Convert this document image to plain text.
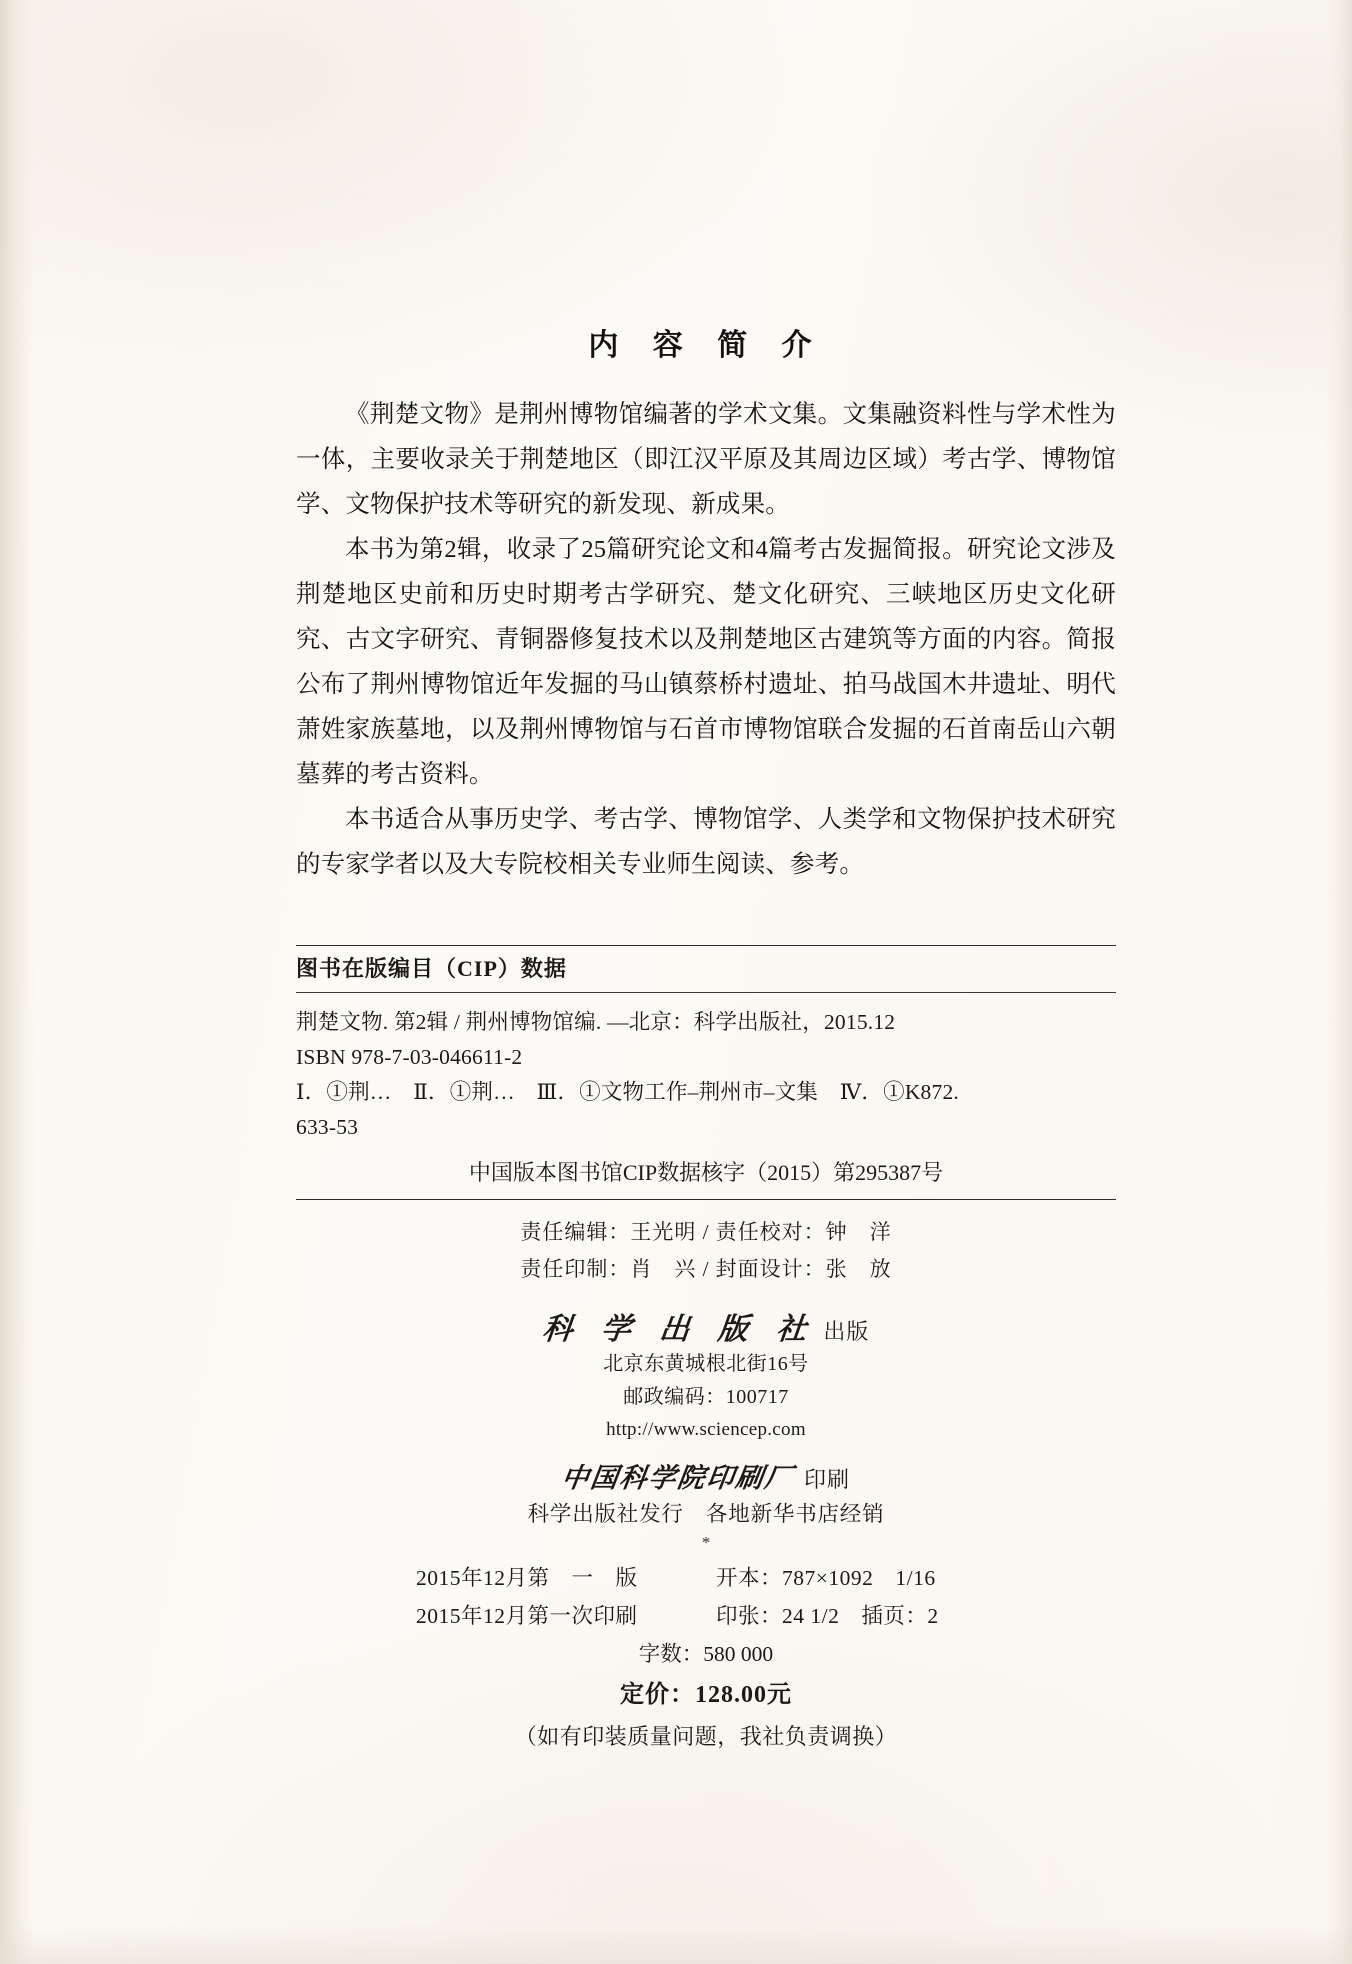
内 容 简 介

《荆楚文物》是荆州博物馆编著的学术文集。文集融资料性与学术性为一体，主要收录关于荆楚地区（即江汉平原及其周边区域）考古学、博物馆学、文物保护技术等研究的新发现、新成果。

本书为第2辑，收录了25篇研究论文和4篇考古发掘简报。研究论文涉及荆楚地区史前和历史时期考古学研究、楚文化研究、三峡地区历史文化研究、古文字研究、青铜器修复技术以及荆楚地区古建筑等方面的内容。简报公布了荆州博物馆近年发掘的马山镇蔡桥村遗址、拍马战国木井遗址、明代萧姓家族墓地，以及荆州博物馆与石首市博物馆联合发掘的石首南岳山六朝墓葬的考古资料。

本书适合从事历史学、考古学、博物馆学、人类学和文物保护技术研究的专家学者以及大专院校相关专业师生阅读、参考。

图书在版编目（CIP）数据
荆楚文物. 第2辑 / 荆州博物馆编. —北京：科学出版社，2015.12
ISBN 978-7-03-046611-2
Ⅰ．①荆…　Ⅱ．①荆…　Ⅲ．①文物工作–荆州市–文集　Ⅳ．①K872.
633-53
中国版本图书馆CIP数据核字（2015）第295387号
责任编辑：王光明 / 责任校对：钟　洋
责任印制：肖　兴 / 封面设计：张　放
科 学 出 版 社 出版
北京东黄城根北街16号
邮政编码：100717
http://www.sciencep.com
中国科学院印刷厂 印刷
科学出版社发行　各地新华书店经销
*
2015年12月第　一　版	开本：787×1092　1/16
2015年12月第一次印刷	印张：24 1/2　插页：2
字数：580 000
定价：128.00元
（如有印装质量问题，我社负责调换）
